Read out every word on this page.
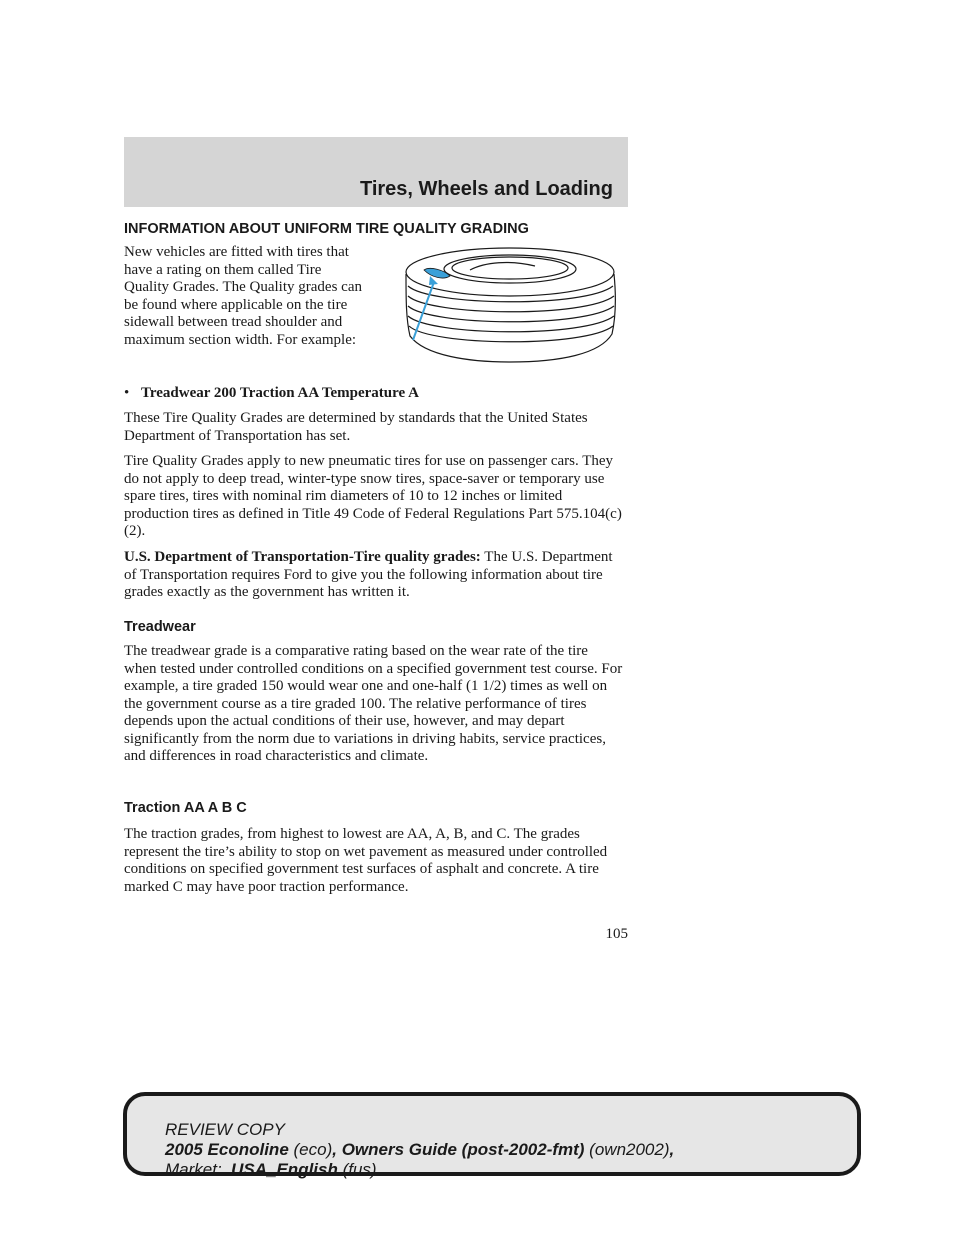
Tires, Wheels and Loading
INFORMATION ABOUT UNIFORM TIRE QUALITY GRADING
New vehicles are fitted with tires that have a rating on them called Tire Quality Grades. The Quality grades can be found where applicable on the tire sidewall between tread shoulder and maximum section width. For example:
• Treadwear 200 Traction AA Temperature A
These Tire Quality Grades are determined by standards that the United States Department of Transportation has set.
Tire Quality Grades apply to new pneumatic tires for use on passenger cars. They do not apply to deep tread, winter-type snow tires, space-saver or temporary use spare tires, tires with nominal rim diameters of 10 to 12 inches or limited production tires as defined in Title 49 Code of Federal Regulations Part 575.104(c)(2).
U.S. Department of Transportation-Tire quality grades: The U.S. Department of Transportation requires Ford to give you the following information about tire grades exactly as the government has written it.
Treadwear
The treadwear grade is a comparative rating based on the wear rate of the tire when tested under controlled conditions on a specified government test course. For example, a tire graded 150 would wear one and one-half (1 1/2) times as well on the government course as a tire graded 100. The relative performance of tires depends upon the actual conditions of their use, however, and may depart significantly from the norm due to variations in driving habits, service practices, and differences in road characteristics and climate.
Traction AA A B C
The traction grades, from highest to lowest are AA, A, B, and C. The grades represent the tire’s ability to stop on wet pavement as measured under controlled conditions on specified government test surfaces of asphalt and concrete. A tire marked C may have poor traction performance.
105
REVIEW COPY
2005 Econoline (eco), Owners Guide (post-2002-fmt) (own2002),
Market:  USA_English (fus)
